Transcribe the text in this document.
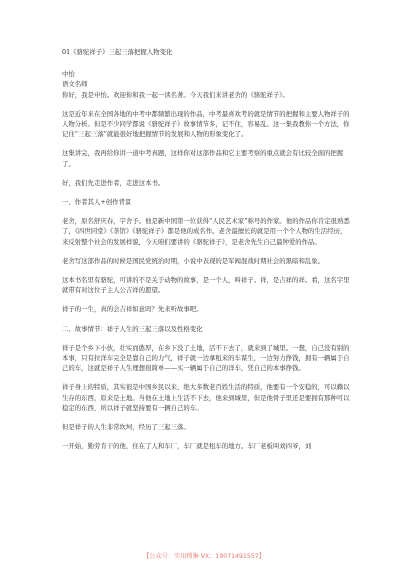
01《骆驼祥子》三起三落把握人物变化

中怡

语文名师

你好，我是申怡。欢迎你和我一起一读名著。今天我们来讲老舍的《骆驼祥子》。

这是近年来在全国各地的中考中都频繁出现的作品，中考最喜欢考的就是情节的把握和主要人物祥子的人物分析。但是不少同学都说《骆驼祥子》故事情节多，记不住，容易乱。这一集我教你一个方法，你记住“三起三落”就能很好地把握情节的发展和人物的形象变化了。

这集讲完，我再给你讲一道中考真题，这样你对这部作品和它主要考察的重点就会有比较全面的把握了。

好，我们先走进作者，走进这本书。

一、作者其人+创作背景

老舍，原名舒庆春，字舍予。他是新中国第一位获得“人民艺术家”称号的作家。他的作品你肯定很熟悉了，《四世同堂》《茶馆》《骆驼祥子》都是他的成名作。老舍最擅长的就是用一个个人物的生活经历，来反射整个社会的发展样貌，今天咱们要讲的《骆驼祥子》，是老舍先生自己最钟爱的作品。

老舍写这部作品的时候是国民党统治时期，小说中表现的是军阀混战时期社会的黑暗和乱象。

这本书名里有骆驼，可讲的不是关于动物的故事，是一个人，叫祥子。祥，是吉祥的祥。看，这名字里就带有对这位子主人公吉祥的愿望。

祥子的一生，真的会吉祥如意吗？先来听故事吧。

二、故事情节：祥子人生的三起三落以及性格变化

祥子是个乡下小伙，壮实而憨厚，在乡下没了土地，活不下去了，就来到了城里。一想，自己没有别的本事，只有拉洋车完全是靠自己的力气，祥子就一边拿租来的车谋生，一边努力挣钱，拥有一辆属于自己的车，这就是祥子人生理想很简单——买一辆属于自己的洋车，凭自己的本事挣钱。

祥子身上的特质，其实很是中国乡民以来，绝大多数老百姓生活的特质，他要有一个安稳的，可以赖以生存的东西，原来是土地。当他在土地上生活不下去，他来到城里，但是他骨子里还是要拥有那种可以稳定的东西，所以祥子就坚持要有一辆自己的车。

但是祥子的人生非常坎坷，经历了三起三落。

一开始，勤劳肯干的他，住在了人和车厂，车厂就是租车的地方。车厂老板叫刘四爷，刘

【公众号：实用搜集·VX：19071491557】
